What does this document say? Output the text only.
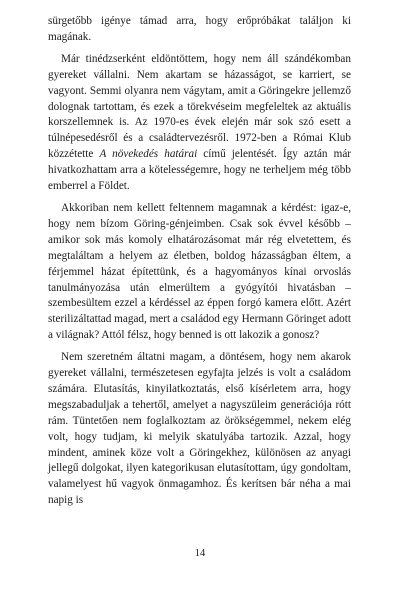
sürgetőbb igénye támad arra, hogy erőpróbákat találjon ki magának.

Már tinédzserként eldöntöttem, hogy nem áll szándékomban gyereket vállalni. Nem akartam se házasságot, se karriert, se vagyont. Semmi olyanra nem vágytam, amit a Göringekre jellemző dolognak tartottam, és ezek a törekvéseim megfeleltek az aktuális korszellemnek is. Az 1970-es évek elején már sok szó esett a túlnépesedésről és a családtervezésről. 1972-ben a Római Klub közzétette A növekedés határai című jelentését. Így aztán már hivatkozhattam arra a kötelességemre, hogy ne terheljem még több emberrel a Földet.

Akkoriban nem kellett feltennem magamnak a kérdést: igaz-e, hogy nem bízom Göring-génjeimben. Csak sok évvel később – amikor sok más komoly elhatározásomat már rég elvetettem, és megtaláltam a helyem az életben, boldog házasságban éltem, a férjemmel házat építettünk, és a hagyományos kínai orvoslás tanulmányozása után elmerültem a gyógyítói hivatásban – szembesültem ezzel a kérdéssel az éppen forgó kamera előtt. Azért sterilizáltattad magad, mert a családod egy Hermann Göringet adott a világnak? Attól félsz, hogy benned is ott lakozik a gonosz?

Nem szeretném áltatni magam, a döntésem, hogy nem akarok gyereket vállalni, természetesen egyfajta jelzés is volt a családom számára. Elutasítás, kinyilatkoztatás, első kísérletem arra, hogy megszabaduljak a tehertől, amelyet a nagyszüleim generációja rótt rám. Tüntetően nem foglalkoztam az örökségemmel, nekem elég volt, hogy tudjam, ki melyik skatulyába tartozik. Azzal, hogy mindent, aminek köze volt a Göringekhez, különösen az anyagi jellegű dolgokat, ilyen kategorikusan elutasítottam, úgy gondoltam, valamelyest hű vagyok önmagamhoz. És kerítsen bár néha a mai napig is

14
